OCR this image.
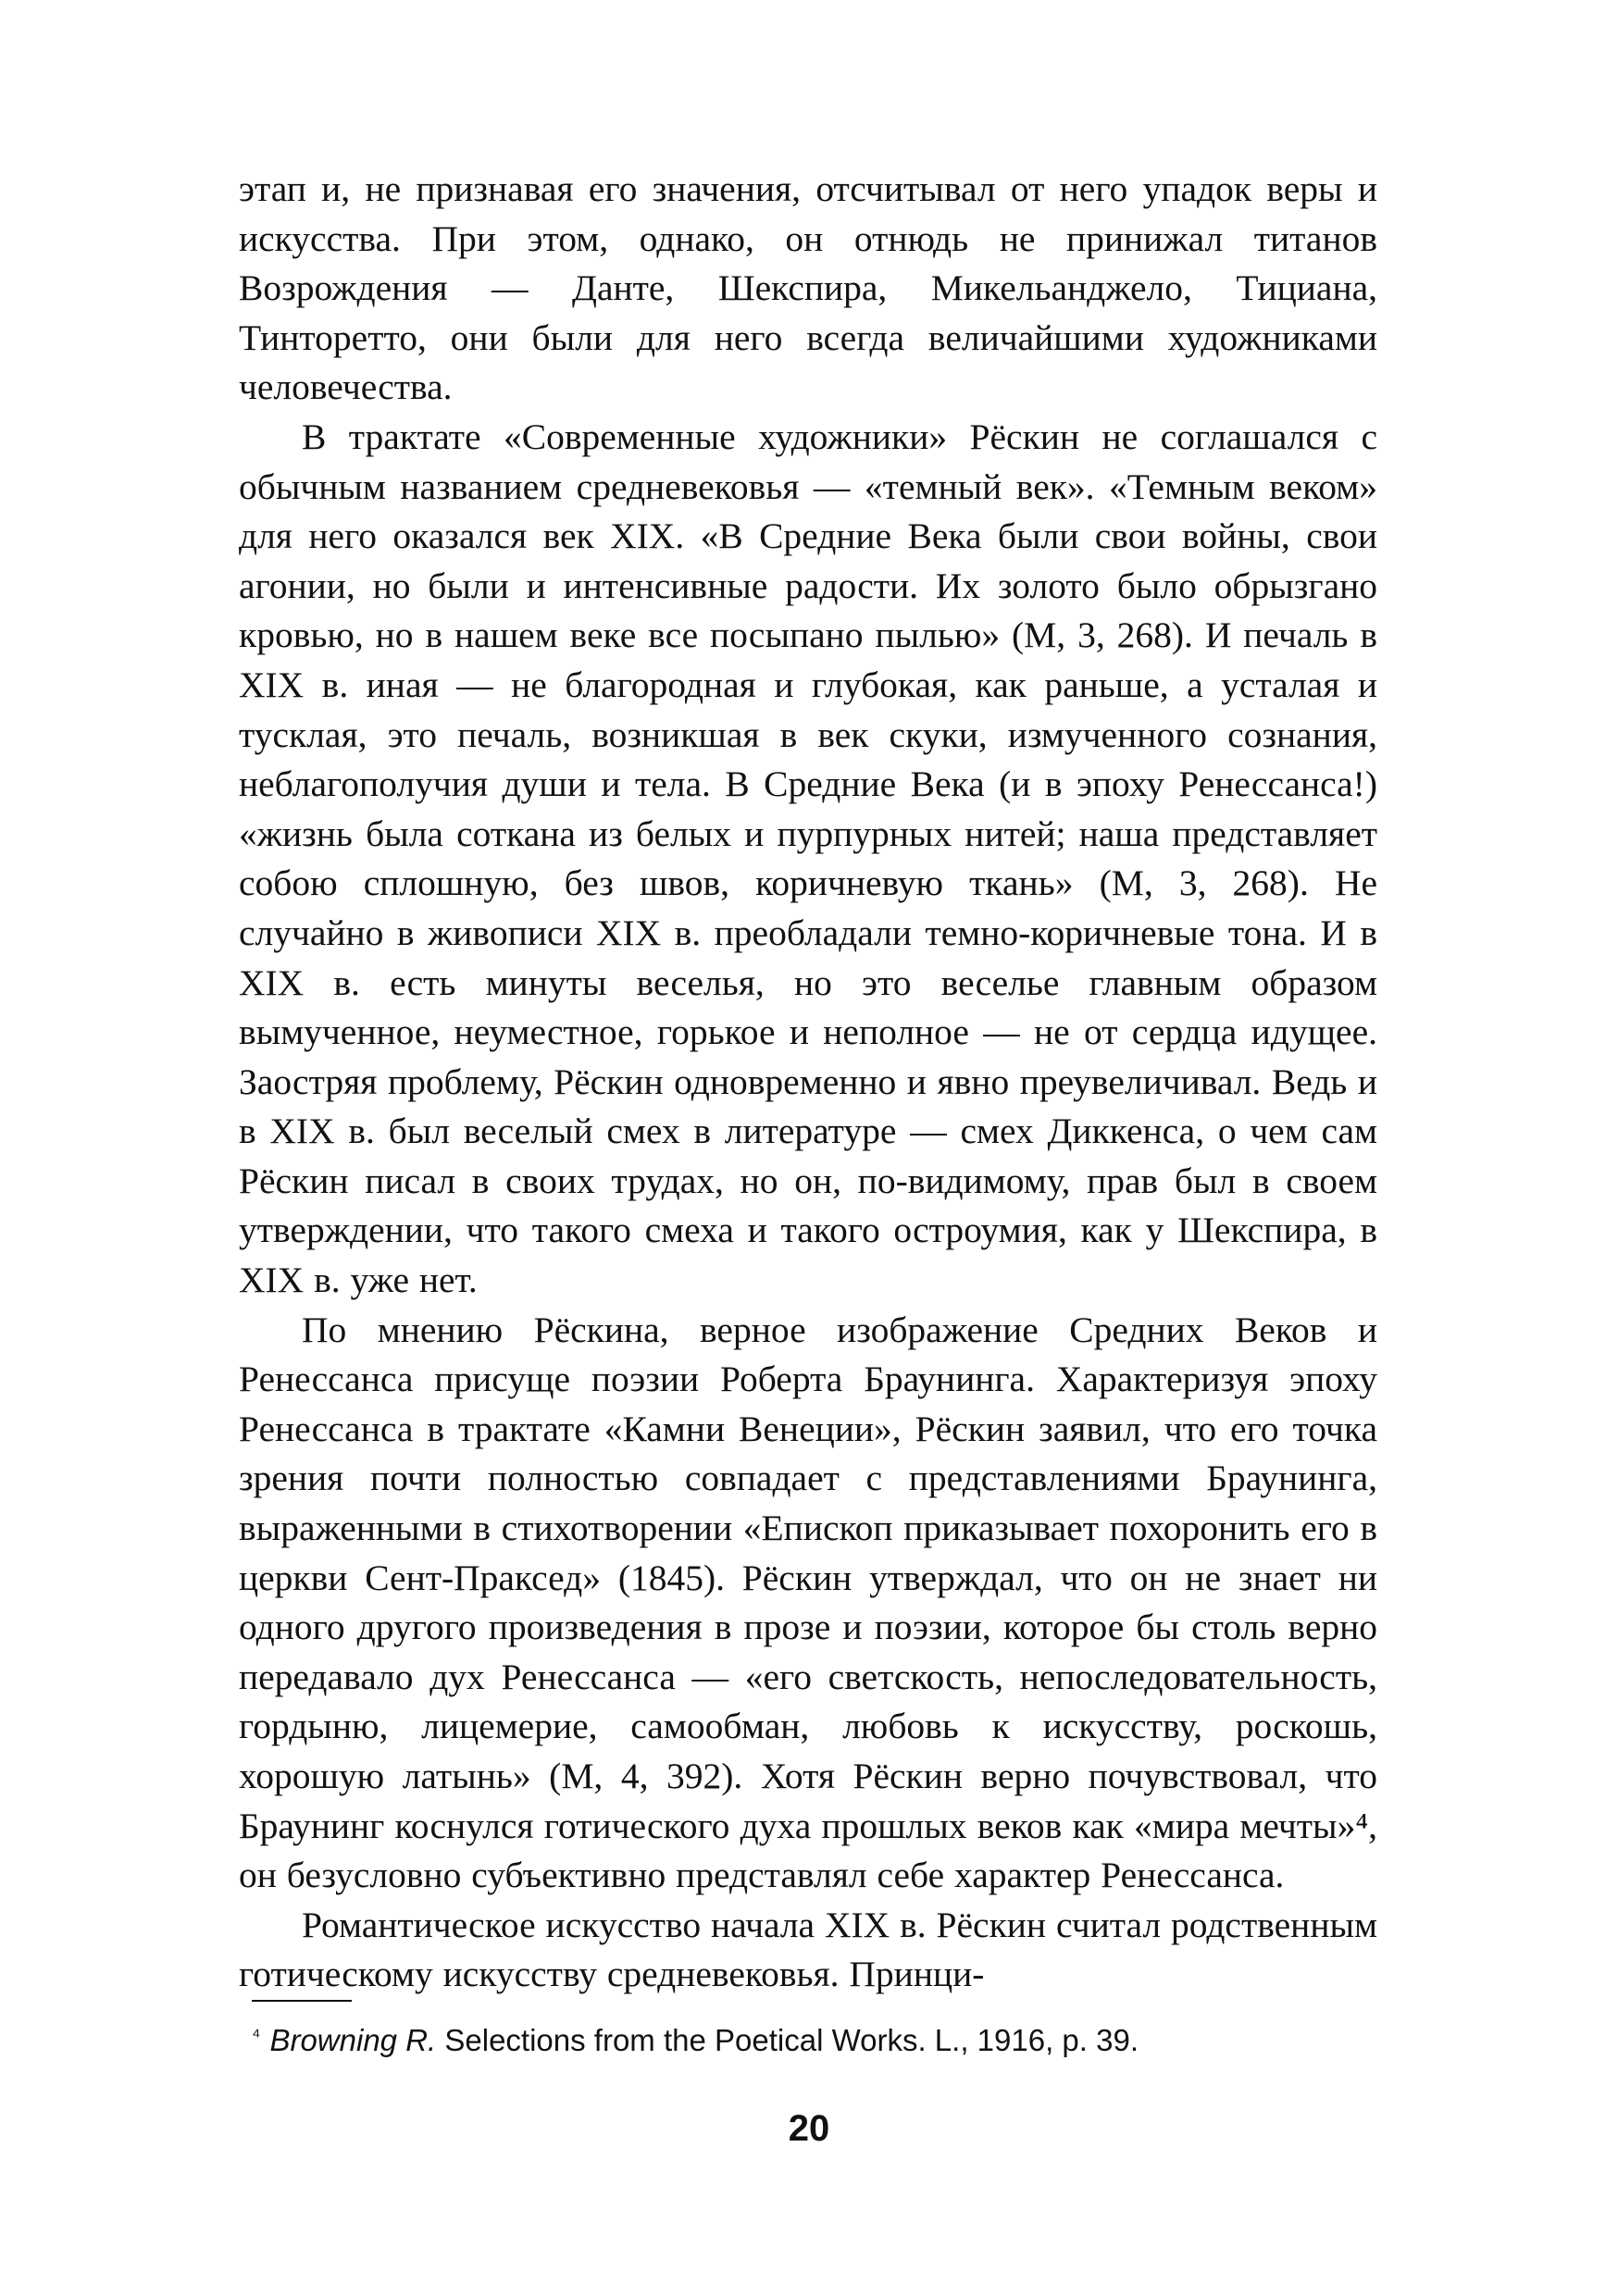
этап и, не признавая его значения, отсчитывал от него упадок веры и искусства. При этом, однако, он отнюдь не принижал титанов Возрождения — Данте, Шекспира, Микельанджело, Тициана, Тинторетто, они были для него всегда величайшими художниками человечества.

В трактате «Современные художники» Рёскин не соглашался с обычным названием средневековья — «темный век». «Темным веком» для него оказался век XIX. «В Средние Века были свои войны, свои агонии, но были и интенсивные радости. Их золото было обрызгано кровью, но в нашем веке все посыпано пылью» (М, 3, 268). И печаль в XIX в. иная — не благородная и глубокая, как раньше, а усталая и тусклая, это печаль, возникшая в век скуки, измученного сознания, неблагополучия души и тела. В Средние Века (и в эпоху Ренессанса!) «жизнь была соткана из белых и пурпурных нитей; наша представляет собою сплошную, без швов, коричневую ткань» (М, 3, 268). Не случайно в живописи XIX в. преобладали темно-коричневые тона. И в XIX в. есть минуты веселья, но это веселье главным образом вымученное, неуместное, горькое и неполное — не от сердца идущее. Заостряя проблему, Рёскин одновременно и явно преувеличивал. Ведь и в XIX в. был веселый смех в литературе — смех Диккенса, о чем сам Рёскин писал в своих трудах, но он, по-видимому, прав был в своем утверждении, что такого смеха и такого остроумия, как у Шекспира, в XIX в. уже нет.

По мнению Рёскина, верное изображение Средних Веков и Ренессанса присуще поэзии Роберта Браунинга. Характеризуя эпоху Ренессанса в трактате «Камни Венеции», Рёскин заявил, что его точка зрения почти полностью совпадает с представлениями Браунинга, выраженными в стихотворении «Епископ приказывает похоронить его в церкви Сент-Праксед» (1845). Рёскин утверждал, что он не знает ни одного другого произведения в прозе и поэзии, которое бы столь верно передавало дух Ренессанса — «его светскость, непоследовательность, гордыню, лицемерие, самообман, любовь к искусству, роскошь, хорошую латынь» (М, 4, 392). Хотя Рёскин верно почувствовал, что Браунинг коснулся готического духа прошлых веков как «мира мечты»⁴, он безусловно субъективно представлял себе характер Ренессанса.

Романтическое искусство начала XIX в. Рёскин считал родственным готическому искусству средневековья. Принци-

$^{^4}$ Browning R. Selections from the Poetical Works. L., 1916, p. 39.

20
